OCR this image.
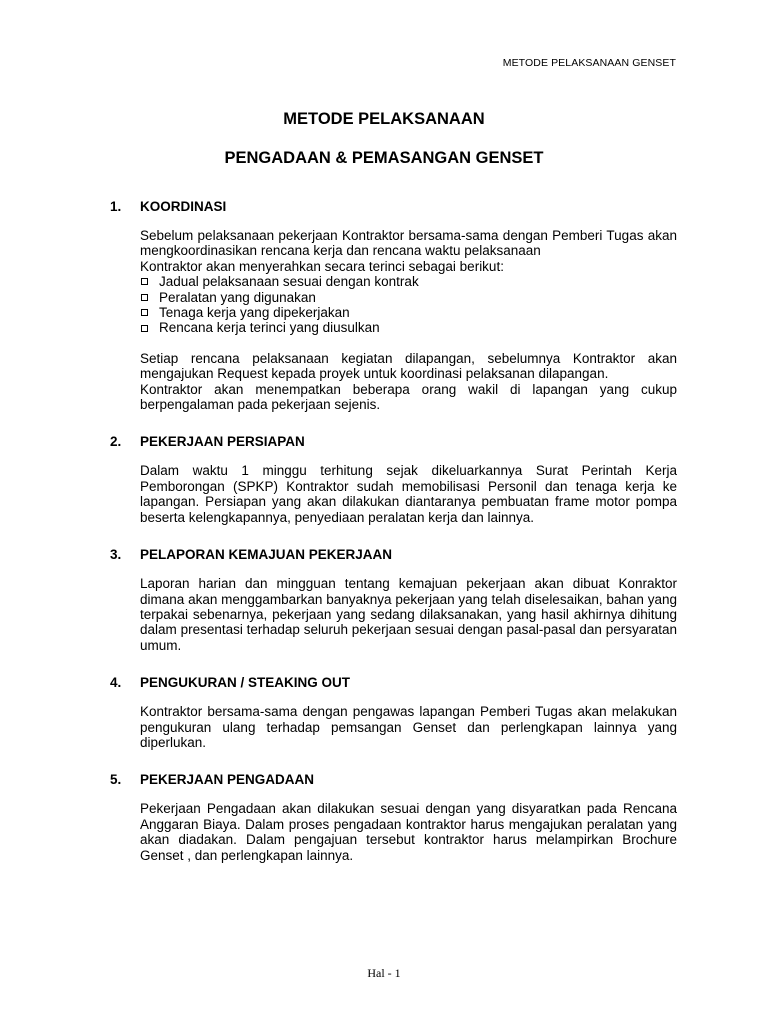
METODE PELAKSANAAN GENSET
METODE PELAKSANAAN
PENGADAAN & PEMASANGAN GENSET
1.	KOORDINASI

Sebelum pelaksanaan pekerjaan Kontraktor bersama-sama dengan Pemberi Tugas akan mengkoordinasikan rencana kerja dan rencana waktu pelaksanaan

Kontraktor akan menyerahkan secara terinci sebagai berikut:

Jadual pelaksanaan sesuai dengan kontrak
Peralatan yang digunakan
Tenaga kerja yang dipekerjakan
Rencana kerja terinci yang diusulkan

Setiap rencana pelaksanaan kegiatan dilapangan, sebelumnya Kontraktor akan mengajukan Request kepada proyek untuk koordinasi pelaksanan dilapangan.

Kontraktor akan menempatkan beberapa orang wakil di lapangan yang cukup berpengalaman pada pekerjaan sejenis.

2.	PEKERJAAN PERSIAPAN

Dalam waktu 1 minggu terhitung sejak dikeluarkannya Surat Perintah Kerja Pemborongan (SPKP) Kontraktor sudah memobilisasi Personil dan tenaga kerja ke lapangan. Persiapan yang akan dilakukan diantaranya pembuatan frame motor pompa beserta kelengkapannya, penyediaan peralatan kerja dan lainnya.

3.	PELAPORAN KEMAJUAN PEKERJAAN

Laporan harian dan mingguan tentang kemajuan pekerjaan akan dibuat Konraktor dimana akan menggambarkan banyaknya pekerjaan yang telah diselesaikan, bahan yang terpakai sebenarnya, pekerjaan yang sedang dilaksanakan, yang hasil akhirnya dihitung dalam presentasi terhadap seluruh pekerjaan sesuai dengan pasal-pasal dan persyaratan umum.

4.	PENGUKURAN / STEAKING OUT

Kontraktor bersama-sama dengan pengawas lapangan Pemberi Tugas akan melakukan pengukuran ulang terhadap pemsangan Genset dan perlengkapan lainnya yang diperlukan.

5.	PEKERJAAN PENGADAAN

Pekerjaan Pengadaan akan dilakukan sesuai dengan yang disyaratkan pada Rencana Anggaran Biaya. Dalam proses pengadaan kontraktor harus mengajukan peralatan yang akan diadakan. Dalam pengajuan tersebut kontraktor harus melampirkan Brochure Genset , dan perlengkapan lainnya.

Hal - 1
